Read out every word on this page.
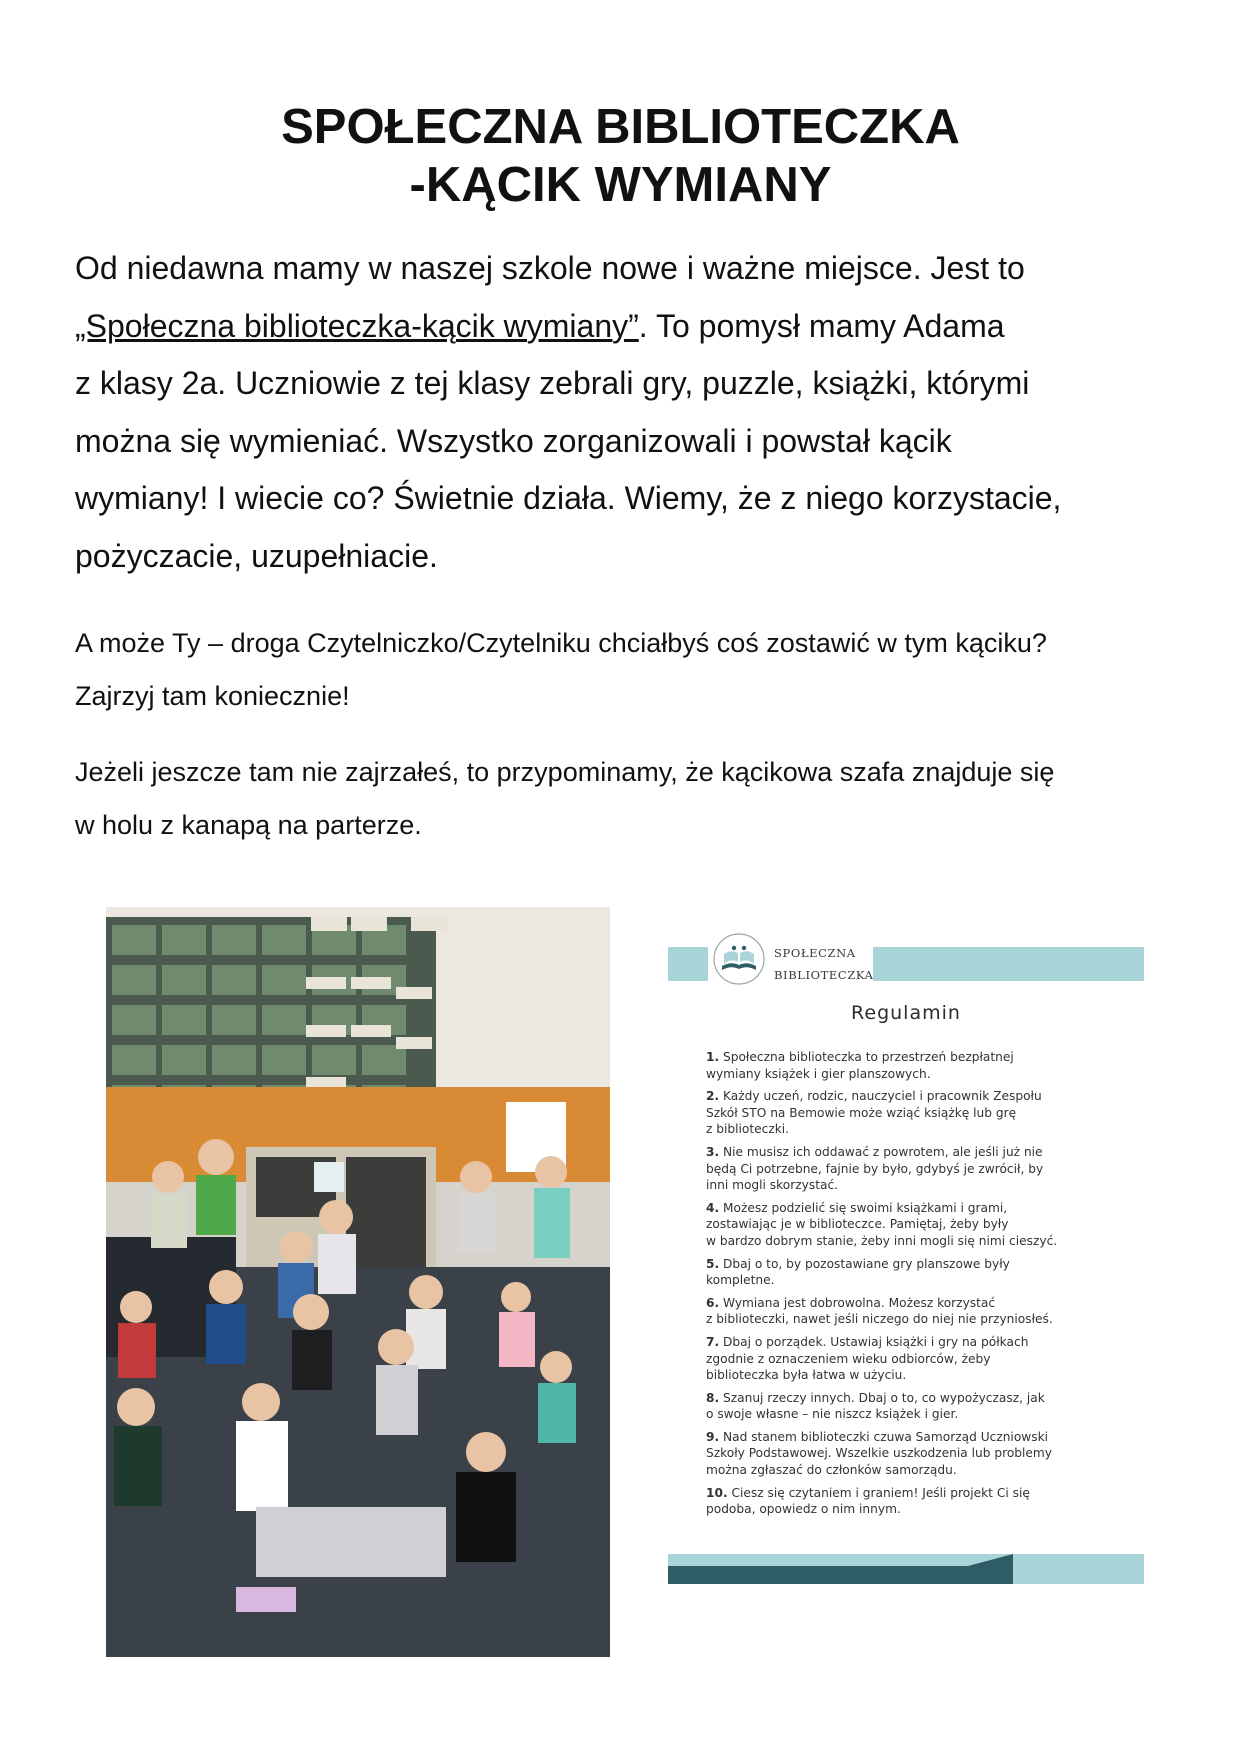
SPOŁECZNA BIBLIOTECZKA
-KĄCIK WYMIANY

Od niedawna mamy w naszej szkole nowe i ważne miejsce. Jest to
„Społeczna biblioteczka-kącik wymiany”. To pomysł mamy Adama
z klasy 2a. Uczniowie z tej klasy zebrali gry, puzzle, książki, którymi
można się wymieniać. Wszystko zorganizowali i powstał kącik
wymiany! I wiecie co? Świetnie działa. Wiemy, że z niego korzystacie,
pożyczacie, uzupełniacie.

A może Ty – droga Czytelniczko/Czytelniku chciałbyś coś zostawić w tym kąciku?
Zajrzyj tam koniecznie!

Jeżeli jeszcze tam nie zajrzałeś, to przypominamy, że kącikowa szafa znajduje się
w holu z kanapą na parterze.

SPOŁECZNA
BIBLIOTECZKA
Regulamin

1. Społeczna biblioteczka to przestrzeń bezpłatnej
wymiany książek i gier planszowych.

2. Każdy uczeń, rodzic, nauczyciel i pracownik Zespołu
Szkół STO na Bemowie może wziąć książkę lub grę
z biblioteczki.

3. Nie musisz ich oddawać z powrotem, ale jeśli już nie
będą Ci potrzebne, fajnie by było, gdybyś je zwrócił, by
inni mogli skorzystać.

4. Możesz podzielić się swoimi książkami i grami,
zostawiając je w biblioteczce. Pamiętaj, żeby były
w bardzo dobrym stanie, żeby inni mogli się nimi cieszyć.

5. Dbaj o to, by pozostawiane gry planszowe były
kompletne.

6. Wymiana jest dobrowolna. Możesz korzystać
z biblioteczki, nawet jeśli niczego do niej nie przyniosłeś.

7. Dbaj o porządek. Ustawiaj książki i gry na półkach
zgodnie z oznaczeniem wieku odbiorców, żeby
biblioteczka była łatwa w użyciu.

8. Szanuj rzeczy innych. Dbaj o to, co wypożyczasz, jak
o swoje własne – nie niszcz książek i gier.

9. Nad stanem biblioteczki czuwa Samorząd Uczniowski
Szkoły Podstawowej. Wszelkie uszkodzenia lub problemy
można zgłaszać do członków samorządu.

10. Ciesz się czytaniem i graniem! Jeśli projekt Ci się
podoba, opowiedz o nim innym.
